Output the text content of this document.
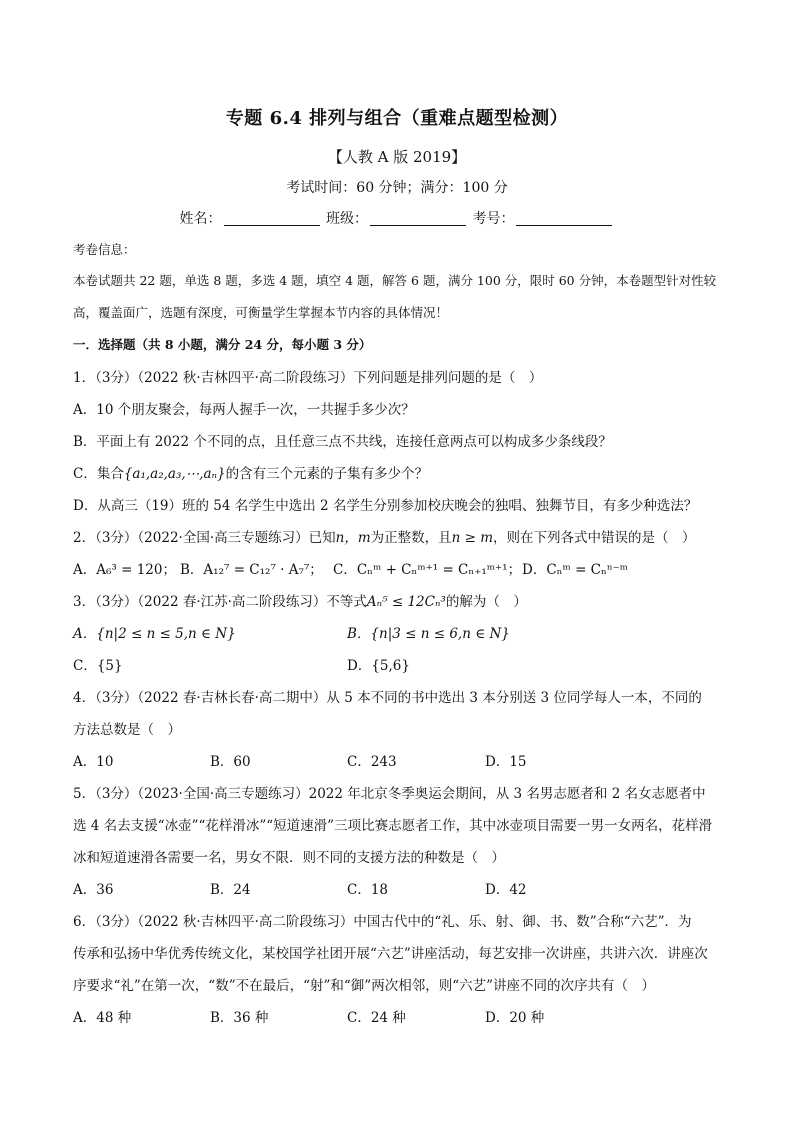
专题 6.4 排列与组合（重难点题型检测）
【人教 A 版 2019】
考试时间：60 分钟；满分：100 分
姓名：	班级：	考号：
考卷信息：
本卷试题共 22 题，单选 8 题，多选 4 题，填空 4 题，解答 6 题，满分 100 分，限时 60 分钟，本卷题型针对性较
高，覆盖面广，选题有深度，可衡量学生掌握本节内容的具体情况！
一．选择题（共 8 小题，满分 24 分，每小题 3 分）
1．（3分）（2022 秋·吉林四平·高二阶段练习）下列问题是排列问题的是（　）
A．10 个朋友聚会，每两人握手一次，一共握手多少次？
B．平面上有 2022 个不同的点，且任意三点不共线，连接任意两点可以构成多少条线段？
C．集合{a₁,a₂,a₃,⋯,aₙ}的含有三个元素的子集有多少个？
D．从高三（19）班的 54 名学生中选出 2 名学生分别参加校庆晚会的独唱、独舞节目，有多少种选法？
2．（3分）（2022·全国·高三专题练习）已知n，m为正整数，且n ≥ m，则在下列各式中错误的是（　）
A．A₆³ = 120； B．A₁₂⁷ = C₁₂⁷ · A₇⁷； C．Cₙᵐ + Cₙᵐ⁺¹ = Cₙ₊₁ᵐ⁺¹； D．Cₙᵐ = Cₙⁿ⁻ᵐ
3．（3分）（2022 春·江苏·高二阶段练习）不等式Aₙ⁵ ≤ 12Cₙ³的解为（　）
A．{n|2 ≤ n ≤ 5,n ∈ N}	B．{n|3 ≤ n ≤ 6,n ∈ N}
C．{5}	D．{5,6}
4．（3分）（2022 春·吉林长春·高二期中）从 5 本不同的书中选出 3 本分别送 3 位同学每人一本，不同的
方法总数是（　）
A．10	B．60	C．243	D．15
5．（3分）（2023·全国·高三专题练习）2022 年北京冬季奥运会期间，从 3 名男志愿者和 2 名女志愿者中
选 4 名去支援“冰壶”“花样滑冰”“短道速滑”三项比赛志愿者工作，其中冰壶项目需要一男一女两名，花样滑
冰和短道速滑各需要一名，男女不限．则不同的支援方法的种数是（　）
A．36	B．24	C．18	D．42
6．（3分）（2022 秋·吉林四平·高二阶段练习）中国古代中的“礼、乐、射、御、书、数”合称“六艺”．为
传承和弘扬中华优秀传统文化，某校国学社团开展“六艺”讲座活动，每艺安排一次讲座，共讲六次．讲座次
序要求“礼”在第一次，“数”不在最后，“射”和“御”两次相邻，则“六艺”讲座不同的次序共有（　）
A．48 种	B．36 种	C．24 种	D．20 种
